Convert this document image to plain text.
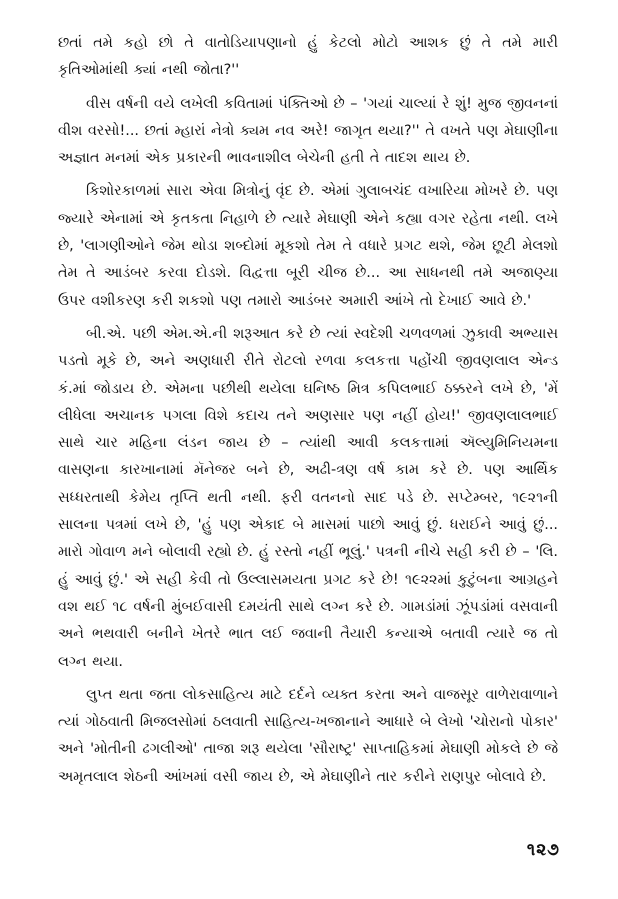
છતાં તમે કહો છો તે વાતોડિયાપણાનો હું કેટલો મોટો આશક છું તે તમે મારી કૃતિઓમાંથી ક્યાં નથી જોતા?''

વીસ વર્ષની વયે લખેલી કવિતામાં પંક્તિઓ છે – 'ગયાં ચાલ્યાં રે શું! મુજ જીવનનાં વીશ વરસો!... છતાં મ્હારાં નેત્રો ક્યમ નવ અરે! જાગૃત થયા?'' તે વખતે પણ મેઘાણીના અજ્ઞાત મનમાં એક પ્રકારની ભાવનાશીલ બેચેની હતી તે તાદશ થાય છે.

કિશોરકાળમાં સારા એવા મિત્રોનું વૃંદ છે. એમાં ગુલાબચંદ વખારિયા મોખરે છે. પણ જ્યારે એનામાં એ કૃતકતા નિહાળે છે ત્યારે મેઘાણી એને કહ્યા વગર રહેતા નથી. લખે છે, 'લાગણીઓને જેમ થોડા શબ્દોમાં મૂકશો તેમ તે વધારે પ્રગટ થશે, જેમ છૂટી મેલશો તેમ તે આડંબર કરવા દોડશે. વિદ્વત્તા બૂરી ચીજ છે... આ સાધનથી તમે અજાણ્યા ઉપર વશીકરણ કરી શકશો પણ તમારો આડંબર અમારી આંખે તો દેખાઈ આવે છે.'

બી.એ. પછી એમ.એ.ની શરૂઆત કરે છે ત્યાં સ્વદેશી ચળવળમાં ઝુકાવી અભ્યાસ પડતો મૂકે છે, અને અણધારી રીતે રોટલો રળવા કલકત્તા પહોંચી જીવણલાલ એન્ડ કં.માં જોડાય છે. એમના પછીથી થયેલા ઘનિષ્ઠ મિત્ર કપિલભાઈ ઠક્કરને લખે છે, 'મેં લીધેલા અચાનક પગલા વિશે કદાચ તને અણસાર પણ નહીં હોય!' જીવણલાલભાઈ સાથે ચાર મહિના લંડન જાય છે – ત્યાંથી આવી કલકત્તામાં ઍલ્યુમિનિયમના વાસણના કારખાનામાં મૅનેજર બને છે, અઢી-ત્રણ વર્ષ કામ કરે છે. પણ આર્થિક સધ્ધરતાથી કેમેય તૃપ્તિ થતી નથી. ફરી વતનનો સાદ પડે છે. સપ્ટેમ્બર, ૧૯૨૧ની સાલના પત્રમાં લખે છે, 'હું પણ એકાદ બે માસમાં પાછો આવું છું. ધરાઈને આવું છું... મારો ગોવાળ મને બોલાવી રહ્યો છે. હું રસ્તો નહીં ભૂલું.' પત્રની નીચે સહી કરી છે – 'લિ. હું આવું છું.' એ સહી કેવી તો ઉલ્લાસમયતા પ્રગટ કરે છે! ૧૯૨૨માં કુટુંબના આગ્રહને વશ થઈ ૧૮ વર્ષની મુંબઈવાસી દમયંતી સાથે લગ્ન કરે છે. ગામડાંમાં ઝૂંપડાંમાં વસવાની અને ભથવારી બનીને ખેતરે ભાત લઈ જવાની તૈયારી કન્યાએ બતાવી ત્યારે જ તો લગ્ન થયા.

લુપ્ત થતા જતા લોકસાહિત્ય માટે દર્દને વ્યક્ત કરતા અને વાજસૂર વાળેરાવાળાને ત્યાં ગોઠવાતી મિજલસોમાં ઠલવાતી સાહિત્ય-ખજાનાને આધારે બે લેખો 'ચોરાનો પોકાર' અને 'મોતીની ઢગલીઓ' તાજા શરૂ થયેલા 'સૌરાષ્ટ્ર' સાપ્તાહિકમાં મેઘાણી મોકલે છે જે અમૃતલાલ શેઠની આંખમાં વસી જાય છે, એ મેઘાણીને તાર કરીને રાણપુર બોલાવે છે.

૧૨૭
